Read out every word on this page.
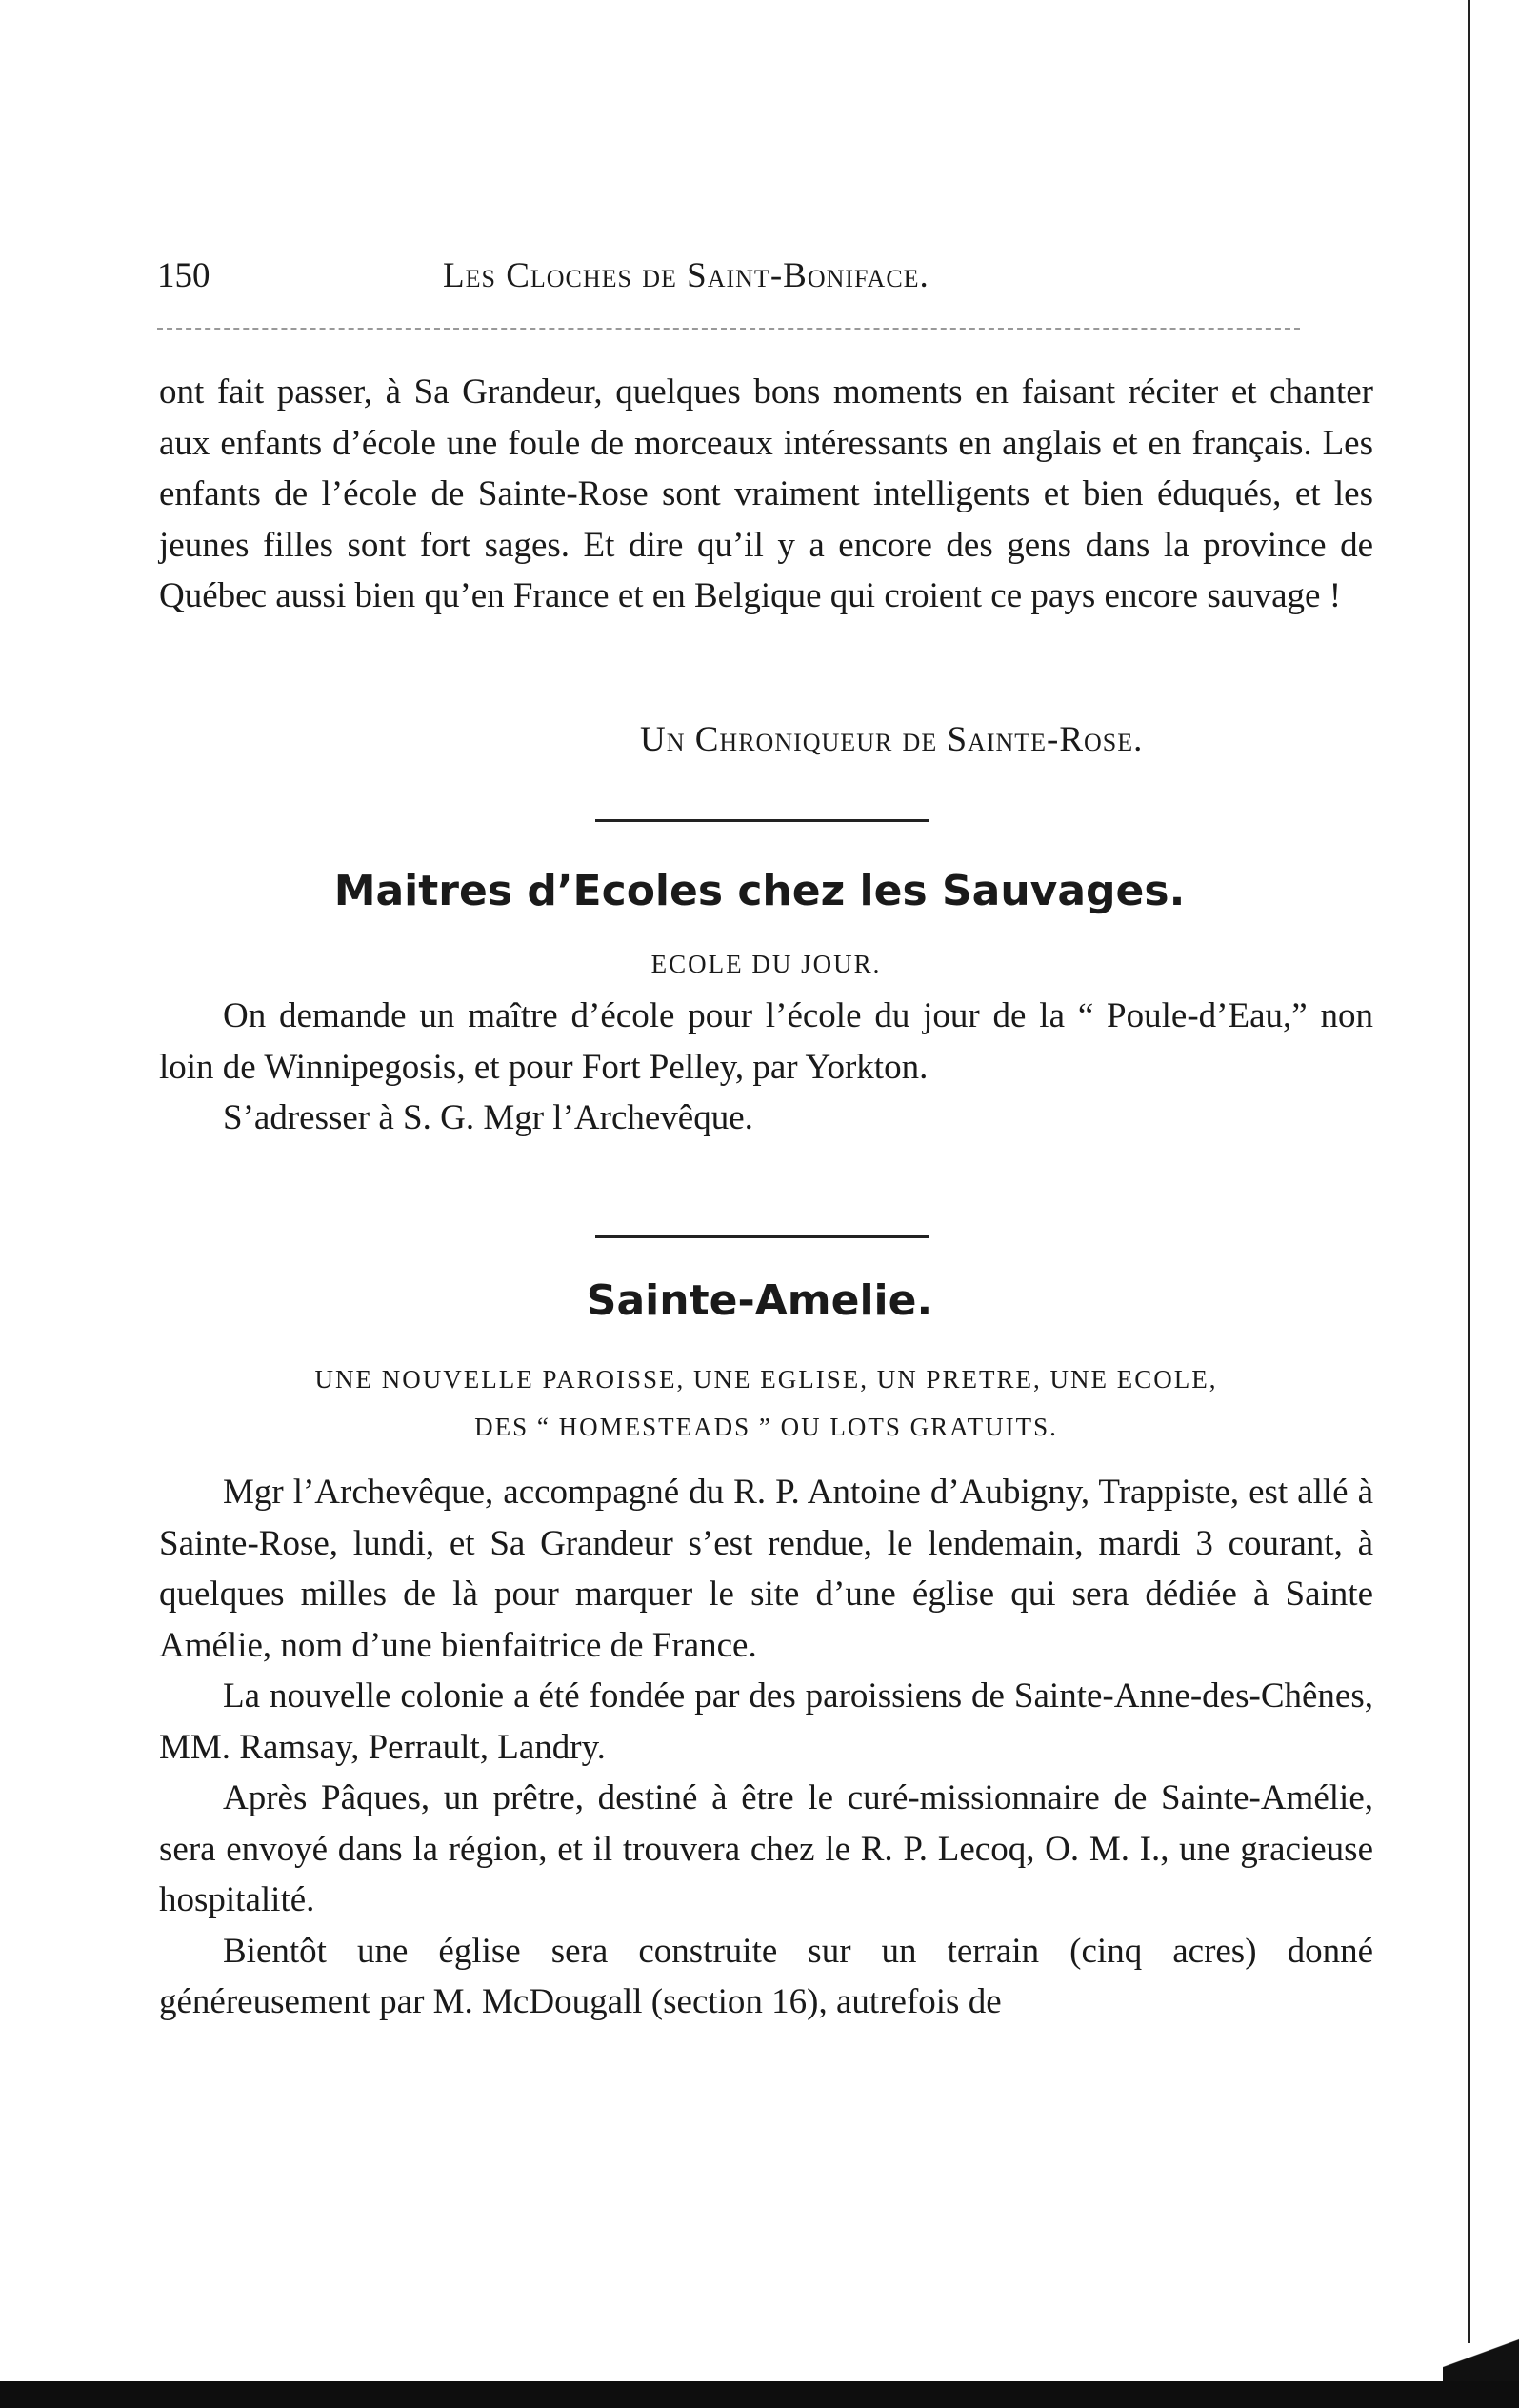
150	Les Cloches de Saint-Boniface.

ont fait passer, à Sa Grandeur, quelques bons moments en faisant réciter et chanter aux enfants d’école une foule de morceaux intéressants en anglais et en français. Les enfants de l’école de Sainte-Rose sont vraiment intelligents et bien éduqués, et les jeunes filles sont fort sages. Et dire qu’il y a encore des gens dans la province de Québec aussi bien qu’en France et en Belgique qui croient ce pays encore sauvage !

Un Chroniqueur de Sainte-Rose.
Maitres d’Ecoles chez les Sauvages.
ECOLE DU JOUR.

On demande un maître d’école pour l’école du jour de la “ Poule-d’Eau,” non loin de Winnipegosis, et pour Fort Pelley, par Yorkton.

S’adresser à S. G. Mgr l’Archevêque.

Sainte-Amelie.
UNE NOUVELLE PAROISSE, UNE EGLISE, UN PRETRE, UNE ECOLE,
DES “ HOMESTEADS ” OU LOTS GRATUITS.

Mgr l’Archevêque, accompagné du R. P. Antoine d’Aubigny, Trappiste, est allé à Sainte-Rose, lundi, et Sa Grandeur s’est rendue, le lendemain, mardi 3 courant, à quelques milles de là pour marquer le site d’une église qui sera dédiée à Sainte Amélie, nom d’une bienfaitrice de France.

La nouvelle colonie a été fondée par des paroissiens de Sainte-Anne-des-Chênes, MM. Ramsay, Perrault, Landry.

Après Pâques, un prêtre, destiné à être le curé-missionnaire de Sainte-Amélie, sera envoyé dans la région, et il trouvera chez le R. P. Lecoq, O. M. I., une gracieuse hospitalité.

Bientôt une église sera construite sur un terrain (cinq acres) donné généreusement par M. McDougall (section 16), autrefois de
